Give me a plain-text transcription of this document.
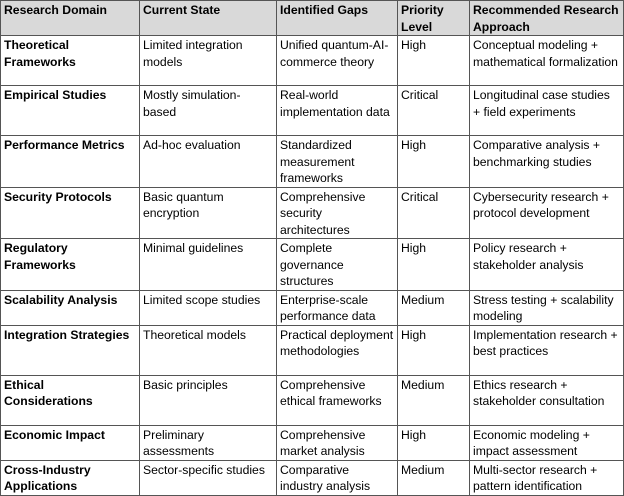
Research Domain	Current State	Identified Gaps	Priority Level	Recommended Research Approach
Theoretical Frameworks	Limited integration models	Unified quantum-AI-commerce theory	High	Conceptual modeling + mathematical formalization
Empirical Studies	Mostly simulation-based	Real-world implementation data	Critical	Longitudinal case studies + field experiments
Performance Metrics	Ad-hoc evaluation	Standardized measurement frameworks	High	Comparative analysis + benchmarking studies
Security Protocols	Basic quantum encryption	Comprehensive security architectures	Critical	Cybersecurity research + protocol development
Regulatory Frameworks	Minimal guidelines	Complete governance structures	High	Policy research + stakeholder analysis
Scalability Analysis	Limited scope studies	Enterprise-scale performance data	Medium	Stress testing + scalability modeling
Integration Strategies	Theoretical models	Practical deployment methodologies	High	Implementation research + best practices
Ethical Considerations	Basic principles	Comprehensive ethical frameworks	Medium	Ethics research + stakeholder consultation
Economic Impact	Preliminary assessments	Comprehensive market analysis	High	Economic modeling + impact assessment
Cross-Industry Applications	Sector-specific studies	Comparative industry analysis	Medium	Multi-sector research + pattern identification
